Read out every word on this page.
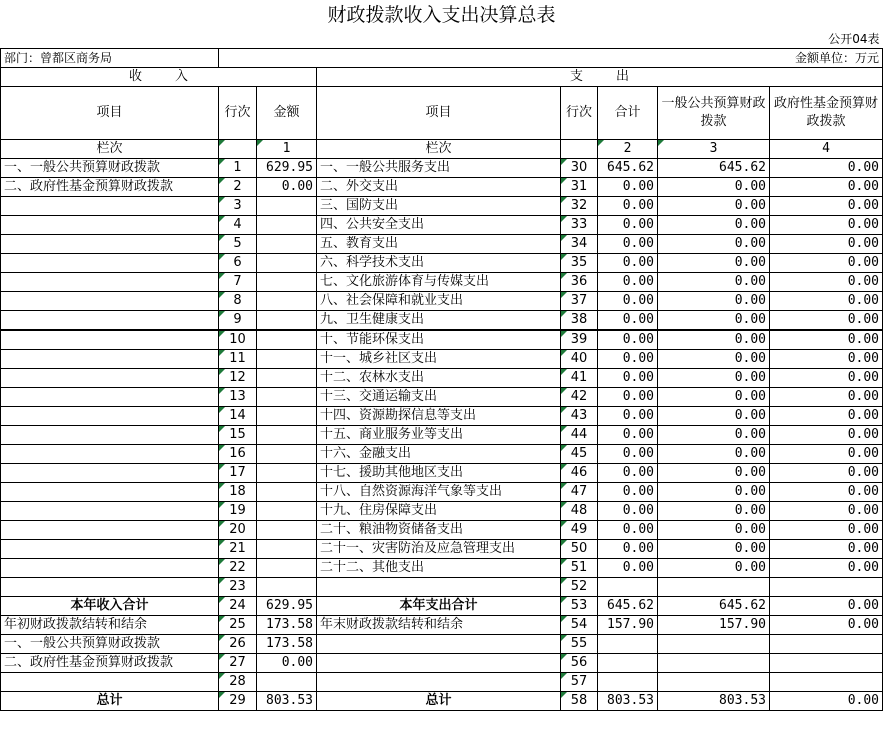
财政拨款收入支出决算总表							
							公开04表
部门：曾都区商务局							金额单位：万元
收        入			支        出				
项目	行次	金额	项目	行次	合计	一般公共预算财政拨款	政府性基金预算财政拨款
栏次		1	栏次		2	3	4
一、一般公共预算财政拨款	1	629.95	一、一般公共服务支出	30	645.62	645.62	0.00
二、政府性基金预算财政拨款	2	0.00	二、外交支出	31	0.00	0.00	0.00
	3		三、国防支出	32	0.00	0.00	0.00
	4		四、公共安全支出	33	0.00	0.00	0.00
	5		五、教育支出	34	0.00	0.00	0.00
	6		六、科学技术支出	35	0.00	0.00	0.00
	7		七、文化旅游体育与传媒支出	36	0.00	0.00	0.00
	8		八、社会保障和就业支出	37	0.00	0.00	0.00
	9		九、卫生健康支出	38	0.00	0.00	0.00
	10		十、节能环保支出	39	0.00	0.00	0.00
	11		十一、城乡社区支出	40	0.00	0.00	0.00
	12		十二、农林水支出	41	0.00	0.00	0.00
	13		十三、交通运输支出	42	0.00	0.00	0.00
	14		十四、资源勘探信息等支出	43	0.00	0.00	0.00
	15		十五、商业服务业等支出	44	0.00	0.00	0.00
	16		十六、金融支出	45	0.00	0.00	0.00
	17		十七、援助其他地区支出	46	0.00	0.00	0.00
	18		十八、自然资源海洋气象等支出	47	0.00	0.00	0.00
	19		十九、住房保障支出	48	0.00	0.00	0.00
	20		二十、粮油物资储备支出	49	0.00	0.00	0.00
	21		二十一、灾害防治及应急管理支出	50	0.00	0.00	0.00
	22		二十二、其他支出	51	0.00	0.00	0.00
	23			52			
本年收入合计	24	629.95	本年支出合计	53	645.62	645.62	0.00
年初财政拨款结转和结余	25	173.58	年末财政拨款结转和结余	54	157.90	157.90	0.00
一、一般公共预算财政拨款	26	173.58		55			
二、政府性基金预算财政拨款	27	0.00		56			
	28			57			
总计	29	803.53	总计	58	803.53	803.53	0.00
